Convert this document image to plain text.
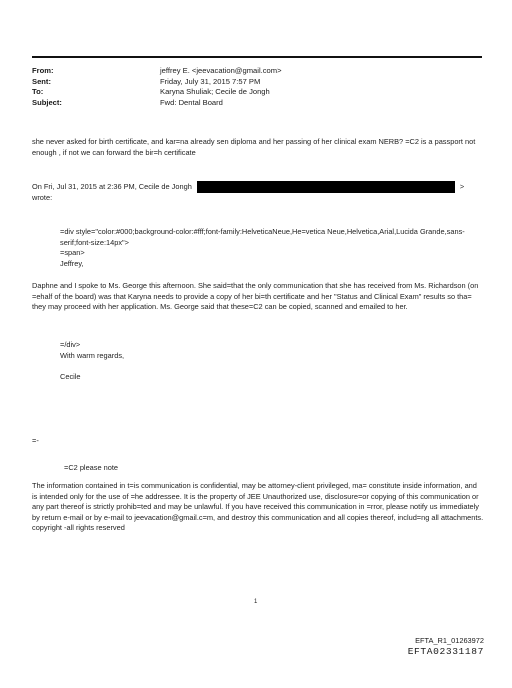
From:	jeffrey E. <jeevacation@gmail.com>
Sent:	Friday, July 31, 2015 7:57 PM
To:	Karyna Shuliak; Cecile de Jongh
Subject:	Fwd: Dental Board
she never asked for birth certificate, and kar=na already sen diploma and her passing of her clinical exam NERB? =C2 is a passport not enough , if not we can forward the bir=h certificate
On Fri, Jul 31, 2015 at 2:36 PM, Cecile de Jongh	>
wrote:
=div style="color:#000;background-color:#fff;font-family:HelveticaNeue,He=vetica Neue,Helvetica,Arial,Lucida Grande,sans-serif;font-size:14px">
=span>
Jeffrey,
Daphne and I spoke to Ms. George this afternoon. She said=that the only communication that she has received from Ms. Richardson (on =ehalf of the board) was that Karyna needs to provide a copy of her bi=th certificate and her "Status and Clinical Exam" results so tha= they may proceed with her application. Ms. George said that these=C2 can be copied, scanned and emailed to her.
=/div>
With warm regards,
Cecile
=-
=C2 please note
The information contained in t=is communication is confidential, may be attorney-client privileged, ma= constitute inside information, and is intended only for the use of =he addressee. It is the property of JEE Unauthorized use, disclosure=or copying of this communication or any part thereof is strictly prohib=ted and may be unlawful. If you have received this communication in =rror, please notify us immediately by return e-mail or by e-mail to jeevacation@gmail.c=m, and destroy this communication and all copies thereof, includ=ng all attachments. copyright -all rights reserved
1
EFTA_R1_01263972
EFTA02331187
